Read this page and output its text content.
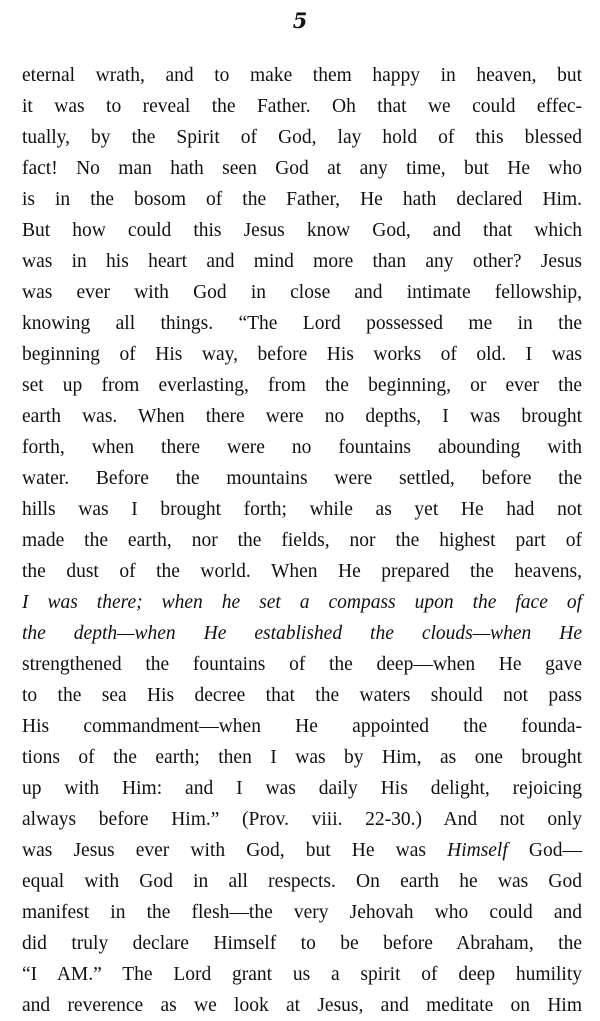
5
eternal wrath, and to make them happy in heaven, but
it was to reveal the Father. Oh that we could effec-
tually, by the Spirit of God, lay hold of this blessed
fact! No man hath seen God at any time, but He who
is in the bosom of the Father, He hath declared Him.
But how could this Jesus know God, and that which
was in his heart and mind more than any other? Jesus
was ever with God in close and intimate fellowship,
knowing all things. “The Lord possessed me in the
beginning of His way, before His works of old. I was
set up from everlasting, from the beginning, or ever the
earth was. When there were no depths, I was brought
forth, when there were no fountains abounding with
water. Before the mountains were settled, before the
hills was I brought forth; while as yet He had not
made the earth, nor the fields, nor the highest part of
the dust of the world. When He prepared the heavens,
I was there; when he set a compass upon the face of
the depth—when He established the clouds—when He
strengthened the fountains of the deep—when He gave
to the sea His decree that the waters should not pass
His commandment—when He appointed the founda-
tions of the earth; then I was by Him, as one brought
up with Him: and I was daily His delight, rejoicing
always before Him.” (Prov. viii. 22-30.) And not only
was Jesus ever with God, but He was Himself God—
equal with God in all respects. On earth he was God
manifest in the flesh—the very Jehovah who could and
did truly declare Himself to be before Abraham, the
“I AM.” The Lord grant us a spirit of deep humility
and reverence as we look at Jesus, and meditate on Him
